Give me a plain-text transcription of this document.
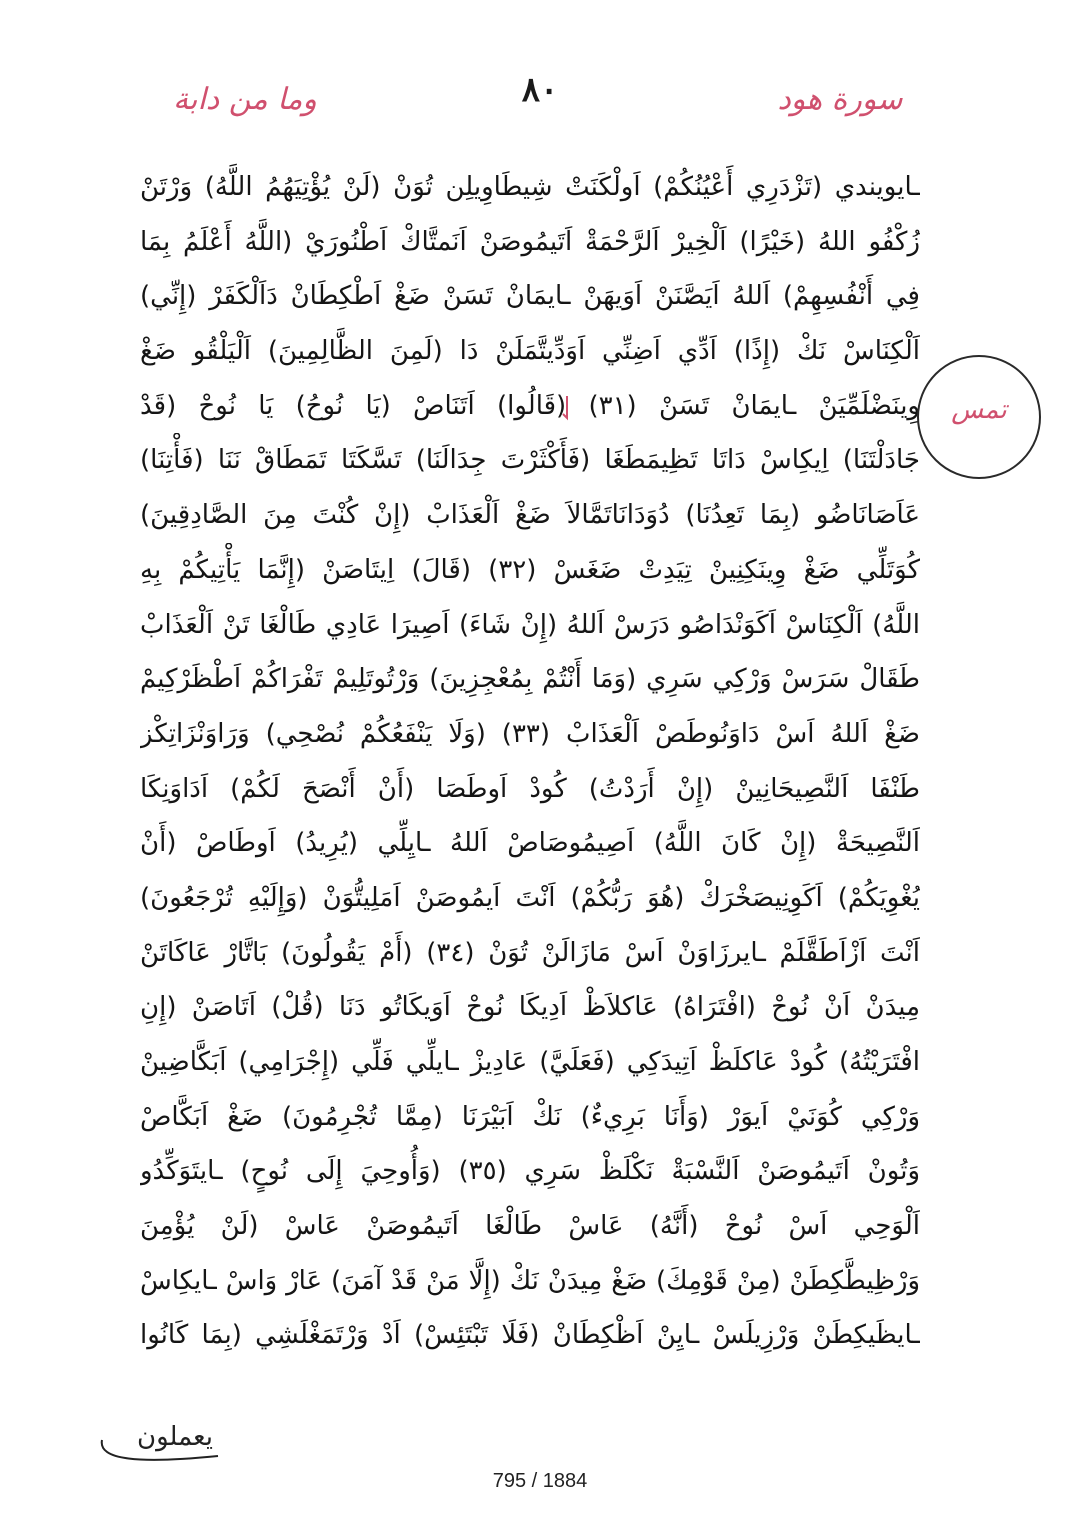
سورة هود
٨٠
وما من دابة
ـايويندي (تَزْدَرِي أَعْيُنُكُمْ) اَولْكَنَتْ شِيطَاوِيلِن تُوَنْ (لَنْ يُؤْتِيَهُمُ اللَّهُ) وَرْتَنْ
زُكْفُو اللهُ (خَيْرًا) اَلْخِيرْ اَلرَّحْمَةْ اَتَيمُوصَنْ اَنَمتَّاكْ اَطْنُورَيْ (اللَّهُ أَعْلَمُ بِمَا
فِي أَنْفُسِهِمْ) اَللهُ اَيَصَّنَنْ اَوَيهَنْ ـايمَانْ تَسَنْ ضَغْ اَطْكِطَانْ دَاَلْكَفَرْ (إِنِّي)
اَلْكِنَاسْ نَكْ (إِذًا) اَدِّي اَضِنِّي اَوَدِّيتَّمَلَنْ دَا (لَمِنَ الظَّالِمِينَ) اَلْيَلْقُو ضَغْ
وِينَضْلَمِّيَنْ ـايمَانْ تَسَنْ (٣١) (قَالُوا) اَتَنَاصْ (يَا نُوحُ) يَا نُوحْ (قَدْ
جَادَلْتَنَا) اِيكِاسْ دَاتَا تَظِيمَطَغَا (فَأَكْثَرْتَ جِدَالَنَا) تَسَّكَتَا تَمَطَاقْ نَنَا (فَأْتِنَا)
عَاَصَانَاضُو (بِمَا تَعِدُنَا) دُوَدَانَاتَمَّالاَ ضَغْ اَلْعَذَابْ (إِنْ كُنْتَ مِنَ الصَّادِقِينَ)
كُوَتَلِّي ضَغْ وِينَكِنِينْ تِيَدِتْ ضَغَسْ (٣٢) (قَالَ) اِيتَاصَنْ (إِنَّمَا يَأْتِيكُمْ بِهِ
اللَّهُ) اَلْكِنَاسْ اَكَوَنْدَاصُو دَرَسْ اَللهُ (إِنْ شَاءَ) اَصِيرَا عَادِي طَالْغَا تَنْ اَلْعَذَابْ
طَقَالْ سَرَسْ وَرْكِي سَرِي (وَمَا أَنْتُمْ بِمُعْجِزِينَ) وَرْتُوتَلِيمْ تَفْرَاكُمْ اَطْظَرْكِيمْ
ضَغْ اَللهُ اَسْ دَاوَنُوطَصْ اَلْعَذَابْ (٣٣) (وَلَا يَنْفَعُكُمْ نُصْحِي) وَرَاوَنْزَاتِكْز
طَنْفَا اَلنَّصِيحَانِينْ (إِنْ أَرَدْتُ) كُودْ اَوطَصَا (أَنْ أَنْصَحَ لَكُمْ) اَدَاوَنِكَا
اَلنَّصِيحَةْ (إِنْ كَانَ اللَّهُ) اَصِيمُوصَاصْ اَللهُ ـايِلِّي (يُرِيدُ) اَوطَاصْ (أَنْ
يُغْوِيَكُمْ) اَكَوِنِيصَخْرَكْ (هُوَ رَبُّكُمْ) اَنْتَ اَيمُوصَنْ اَمَلِيتُّوَنْ (وَإِلَيْهِ تُرْجَعُونَ)
اَنْتَ اَزْاَطَقَّلَمْ ـايرزَاوَنْ اَسْ مَازَالَنْ تُوَنْ (٣٤) (أَمْ يَقُولُونَ) بَاتَّارْ عَاكَاتَنْ
مِيدَنْ اَنْ نُوحْ (افْتَرَاهُ) عَاكلاَظْ اَدِيكَا نُوحْ اَوَيكَاتُو دَنَا (قُلْ) اَتَاصَنْ (إِنِ
افْتَرَيْتُهُ) كُودْ عَاكلَظْ اَتِيدَكِي (فَعَلَيَّ) عَادِيزْ ـايلِّي فَلِّي (إِجْرَامِي) اَبَكَّاضِينْ
وَرْكِي كُوَنَيْ اَيوَرْ (وَأَنَا بَرِيءٌ) نَكْ اَبَيْرَنَا (مِمَّا تُجْرِمُونَ) ضَغْ اَبَكَّاصْ
وَتُونْ اَتَيمُوصَنْ اَلنَّسْبَةْ نَكْلَظْ سَرِي (٣٥) (وَأُوحِيَ إِلَى نُوحٍ) ـايتَوَكِّدُو
اَلْوَحِي اَسْ نُوحْ (أَنَّهُ) عَاسْ طَالْغَا اَتَيمُوصَنْ عَاسْ (لَنْ يُؤْمِنَ
وَرْظِيطَّكِطَنْ (مِنْ قَوْمِكَ) ضَغْ مِيدَنْ نَكْ (إِلَّا مَنْ قَدْ آمَنَ) عَارْ وَاسْ ـايكِاسْ
ـايظَيكِطَنْ وَرْزِيلَسْ ـايِنْ اَظْكِطَانْ (فَلَا تَبْتَئِسْ) اَدْ وَرْتَمَغْلَشِي (بِمَا كَانُوا
تمس
يعملون
795 / 1884
